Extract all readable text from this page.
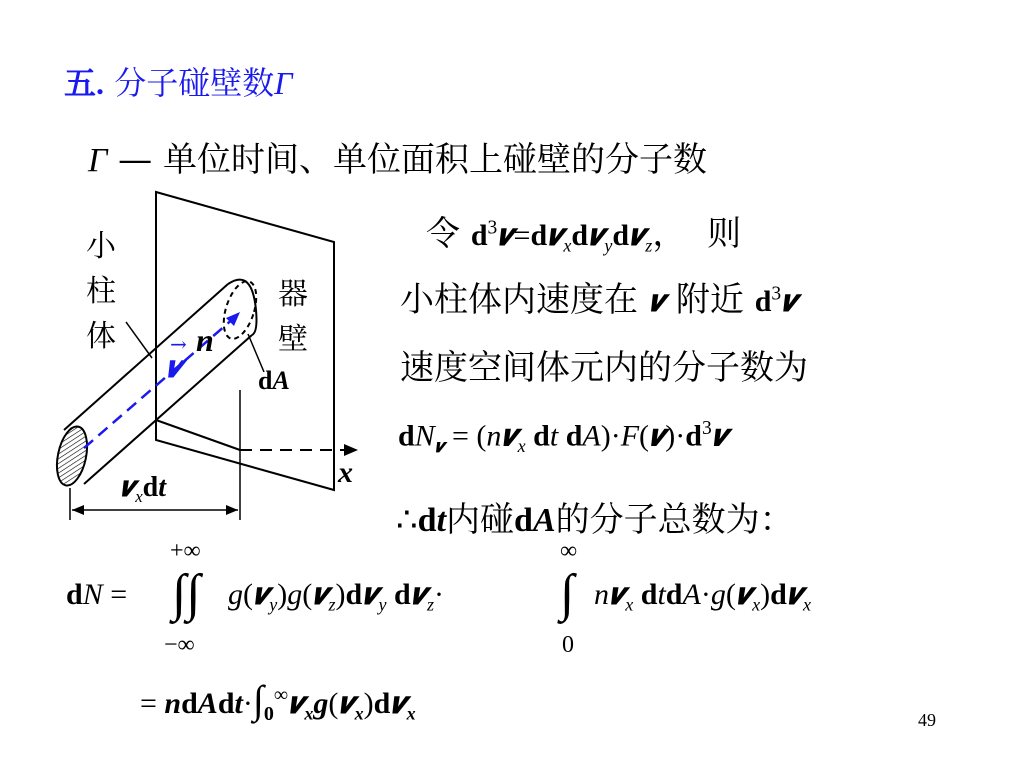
五. 分子碰壁数Γ
Γ — 单位时间、单位面积上碰壁的分子数
小
柱
体
器
壁
n
𝒗
→
dA
x
𝒗$_x$dt
令 $d^3𝒗=d𝒗_xd𝒗_yd𝒗_z$， 则
小柱体内速度在 𝒗 附近 $d^3𝒗$
速度空间体元内的分子数为
$dN_𝒗$ = (n𝒗$_x$ dt $dA)\cdot F(𝒗)\cdot d^3𝒗$
∴dt内碰dA的分子总数为：
dN =
+∞
∫∫
−∞
g(𝒗$_y$)g(𝒗$_z$)d𝒗$_y$ d𝒗$_z$·
∞
∫
0
n𝒗$_x$ dtdA·g(𝒗$_x$)d𝒗$_x$
= $ndAdt\cdot\int_0^\infty 𝒗_xg(𝒗_x)d𝒗_x$	49
